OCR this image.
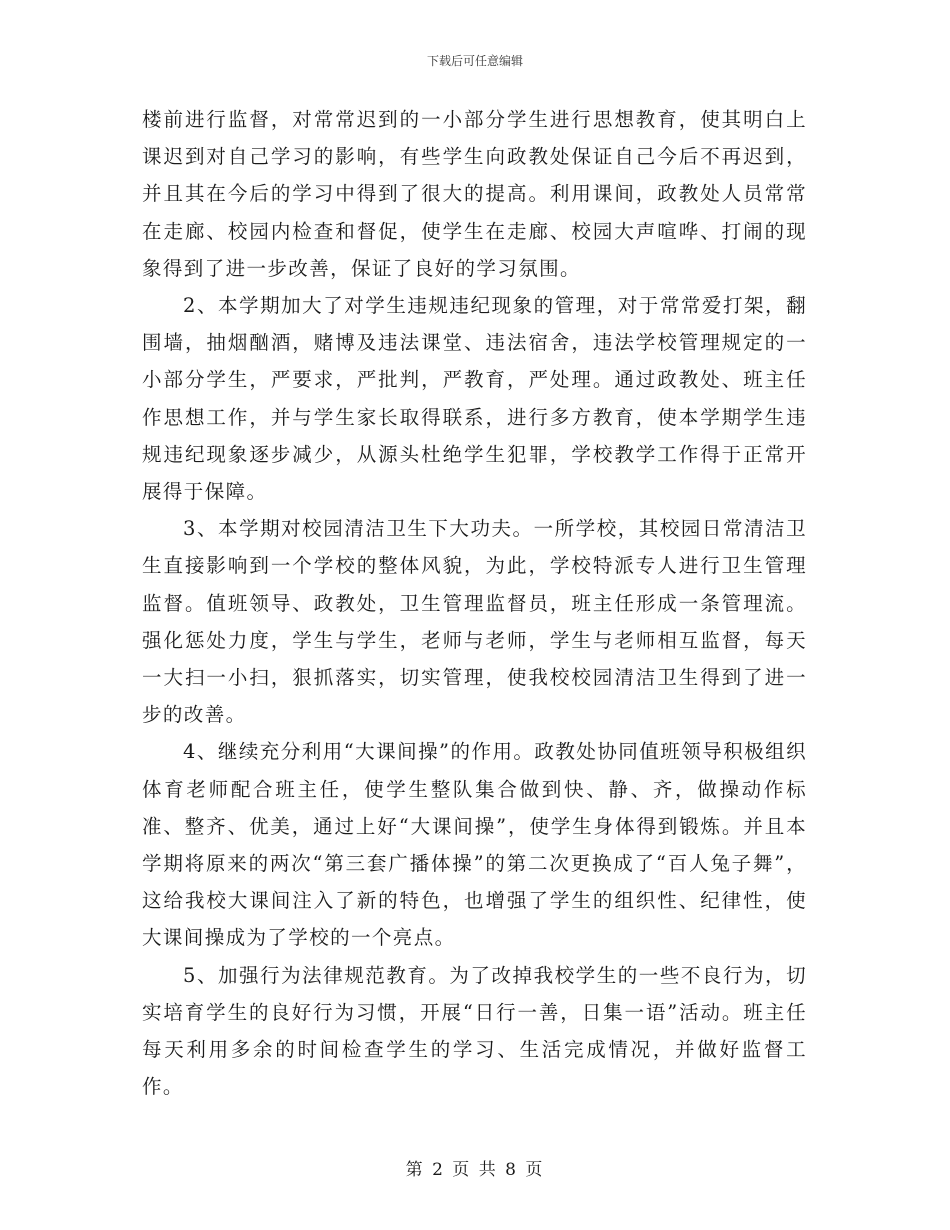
下载后可任意编辑

楼前进行监督，对常常迟到的一小部分学生进行思想教育，使其明白上课迟到对自己学习的影响，有些学生向政教处保证自己今后不再迟到，并且其在今后的学习中得到了很大的提高。利用课间，政教处人员常常在走廊、校园内检查和督促，使学生在走廊、校园大声喧哗、打闹的现象得到了进一步改善，保证了良好的学习氛围。

2、本学期加大了对学生违规违纪现象的管理，对于常常爱打架，翻围墙，抽烟酗酒，赌博及违法课堂、违法宿舍，违法学校管理规定的一小部分学生，严要求，严批判，严教育，严处理。通过政教处、班主任作思想工作，并与学生家长取得联系，进行多方教育，使本学期学生违规违纪现象逐步减少，从源头杜绝学生犯罪，学校教学工作得于正常开展得于保障。

3、本学期对校园清洁卫生下大功夫。一所学校，其校园日常清洁卫生直接影响到一个学校的整体风貌，为此，学校特派专人进行卫生管理监督。值班领导、政教处，卫生管理监督员，班主任形成一条管理流。强化惩处力度，学生与学生，老师与老师，学生与老师相互监督，每天一大扫一小扫，狠抓落实，切实管理，使我校校园清洁卫生得到了进一步的改善。

4、继续充分利用“大课间操”的作用。政教处协同值班领导积极组织体育老师配合班主任，使学生整队集合做到快、静、齐，做操动作标准、整齐、优美，通过上好“大课间操”，使学生身体得到锻炼。并且本学期将原来的两次“第三套广播体操”的第二次更换成了“百人兔子舞”，这给我校大课间注入了新的特色，也增强了学生的组织性、纪律性，使大课间操成为了学校的一个亮点。

5、加强行为法律规范教育。为了改掉我校学生的一些不良行为，切实培育学生的良好行为习惯，开展“日行一善，日集一语”活动。班主任每天利用多余的时间检查学生的学习、生活完成情况，并做好监督工作。

第 2 页 共 8 页
